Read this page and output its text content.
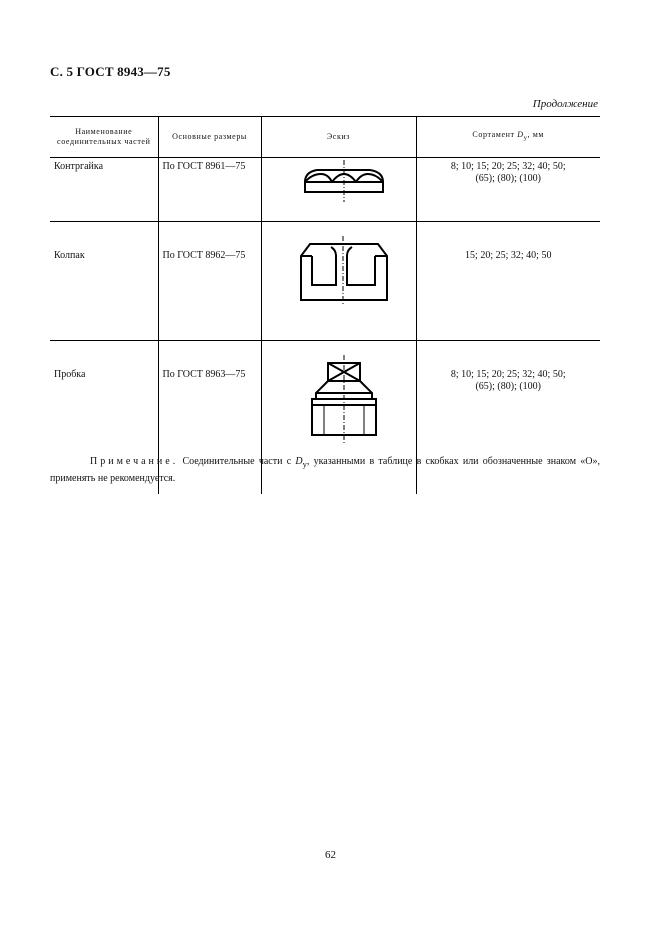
С. 5 ГОСТ 8943—75
Продолжение
Наименование соединительных частей	Основные размеры	Эскиз	Сортамент $D_у$, мм
Контргайка	По ГОСТ 8961—75		8; 10; 15; 20; 25; 32; 40; 50;
(65); (80); (100)

Колпак	По ГОСТ 8962—75		15; 20; 25; 32; 40; 50

Пробка	По ГОСТ 8963—75		8; 10; 15; 20; 25; 32; 40; 50;
(65); (80); (100)
Примечание. Соединительные части с $D_у$, указанными в таблице в скобках или обозначенные знаком «О», применять не рекомендуется.
62
